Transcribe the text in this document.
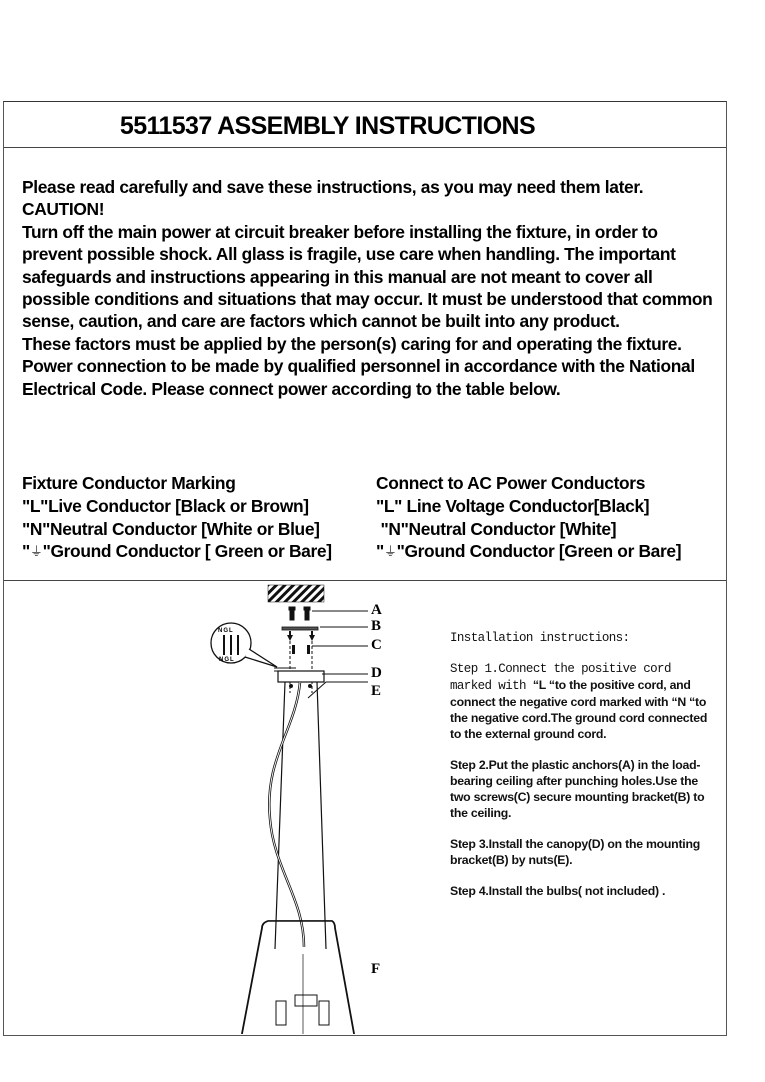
5511537 ASSEMBLY INSTRUCTIONS

Please read carefully and save these instructions, as you may need them later. CAUTION!

Turn off the main power at circuit breaker before installing the fixture, in order to prevent possible shock. All glass is fragile, use care when handling. The important safeguards and instructions appearing in this manual are not meant to cover all possible conditions and situations that may occur. It must be understood that common sense, caution, and care are factors which cannot be built into any product.

These factors must be applied by the person(s) caring for and operating the fixture.

Power connection to be made by qualified personnel in accordance with the National Electrical Code. Please connect power according to the table below.

Fixture Conductor Marking	Connect to AC Power Conductors
"L"Live Conductor [Black or Brown]	"L" Line Voltage Conductor[Black]
"N"Neutral Conductor [White or Blue]	"N"Neutral Conductor [White]
"⏚"Ground Conductor [ Green or Bare]	"⏚"Ground Conductor [Green or Bare]
A
B
C
D
E
F
NGL
NGL

Installation instructions:

Step 1.Connect the positive cord marked with “L “to the positive cord, and connect the negative cord marked with “N “to the negative cord.The ground cord connected to the external ground cord.

Step 2.Put the plastic anchors(A) in the load-bearing ceiling after punching holes.Use the two screws(C) secure mounting bracket(B) to the ceiling.

Step 3.Install the canopy(D) on the mounting bracket(B) by nuts(E).

Step 4.Install the bulbs( not included) .
